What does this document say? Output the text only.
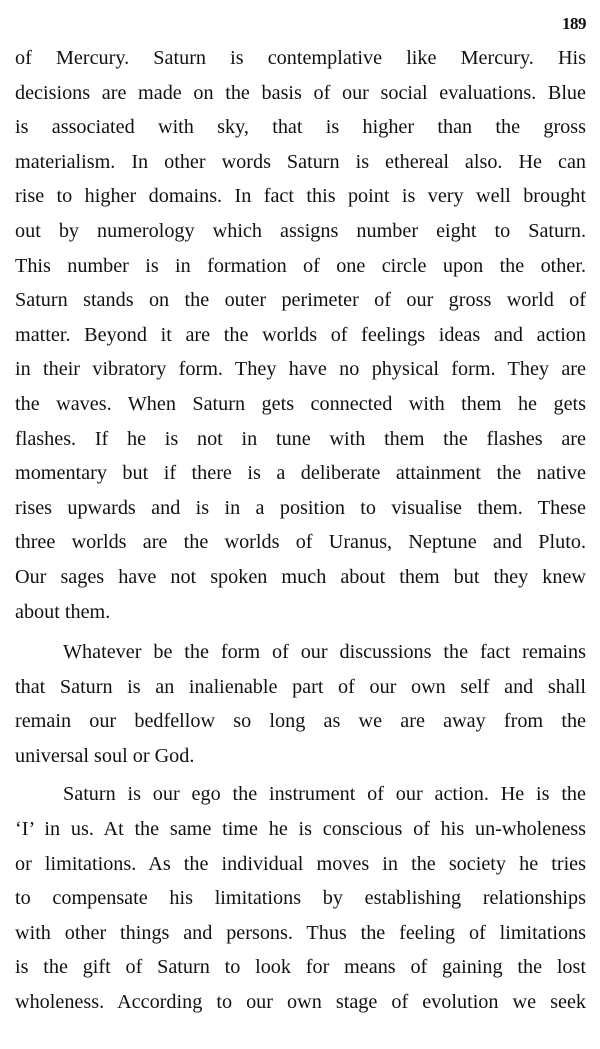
189

of Mercury. Saturn is contemplative like Mercury. His
decisions are made on the basis of our social evaluations. Blue
is associated with sky, that is higher than the gross
materialism. In other words Saturn is ethereal also. He can
rise to higher domains. In fact this point is very well brought
out by numerology which assigns number eight to Saturn.
This number is in formation of one circle upon the other.
Saturn stands on the outer perimeter of our gross world of
matter. Beyond it are the worlds of feelings ideas and action
in their vibratory form. They have no physical form. They are
the waves. When Saturn gets connected with them he gets
flashes. If he is not in tune with them the flashes are
momentary but if there is a deliberate attainment the native
rises upwards and is in a position to visualise them. These
three worlds are the worlds of Uranus, Neptune and Pluto.
Our sages have not spoken much about them but they knew
about them.

Whatever be the form of our discussions the fact remains
that Saturn is an inalienable part of our own self and shall
remain our bedfellow so long as we are away from the
universal soul or God.

Saturn is our ego the instrument of our action. He is the
‘I’ in us. At the same time he is conscious of his un-wholeness
or limitations. As the individual moves in the society he tries
to compensate his limitations by establishing relationships
with other things and persons. Thus the feeling of limitations
is the gift of Saturn to look for means of gaining the lost
wholeness. According to our own stage of evolution we seek
